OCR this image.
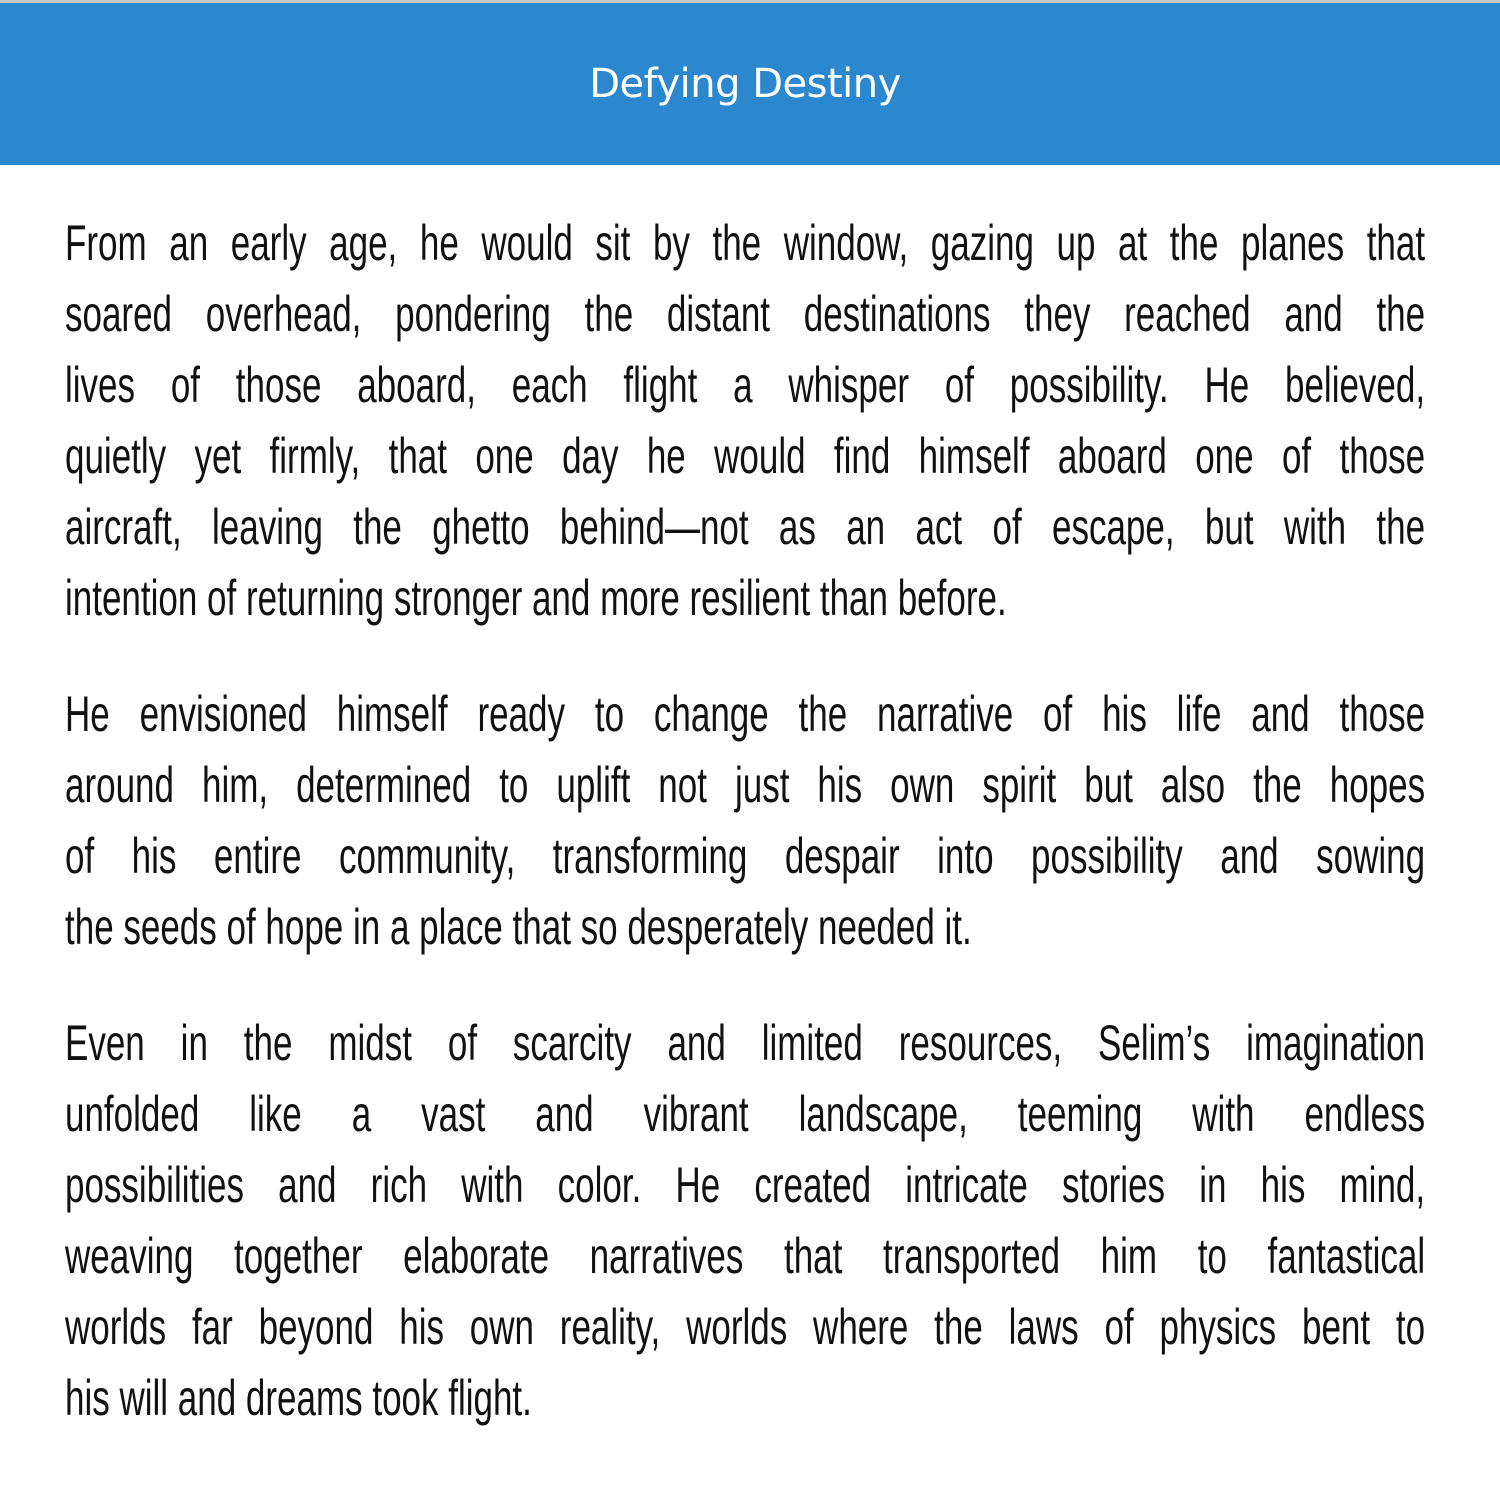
Defying Destiny
From an early age, he would sit by the window, gazing up at the planes that
soared overhead, pondering the distant destinations they reached and the
lives of those aboard, each flight a whisper of possibility. He believed,
quietly yet firmly, that one day he would find himself aboard one of those
aircraft, leaving the ghetto behind—not as an act of escape, but with the
intention of returning stronger and more resilient than before.
He envisioned himself ready to change the narrative of his life and those
around him, determined to uplift not just his own spirit but also the hopes
of his entire community, transforming despair into possibility and sowing
the seeds of hope in a place that so desperately needed it.
Even in the midst of scarcity and limited resources, Selim’s imagination
unfolded like a vast and vibrant landscape, teeming with endless
possibilities and rich with color. He created intricate stories in his mind,
weaving together elaborate narratives that transported him to fantastical
worlds far beyond his own reality, worlds where the laws of physics bent to
his will and dreams took flight.
